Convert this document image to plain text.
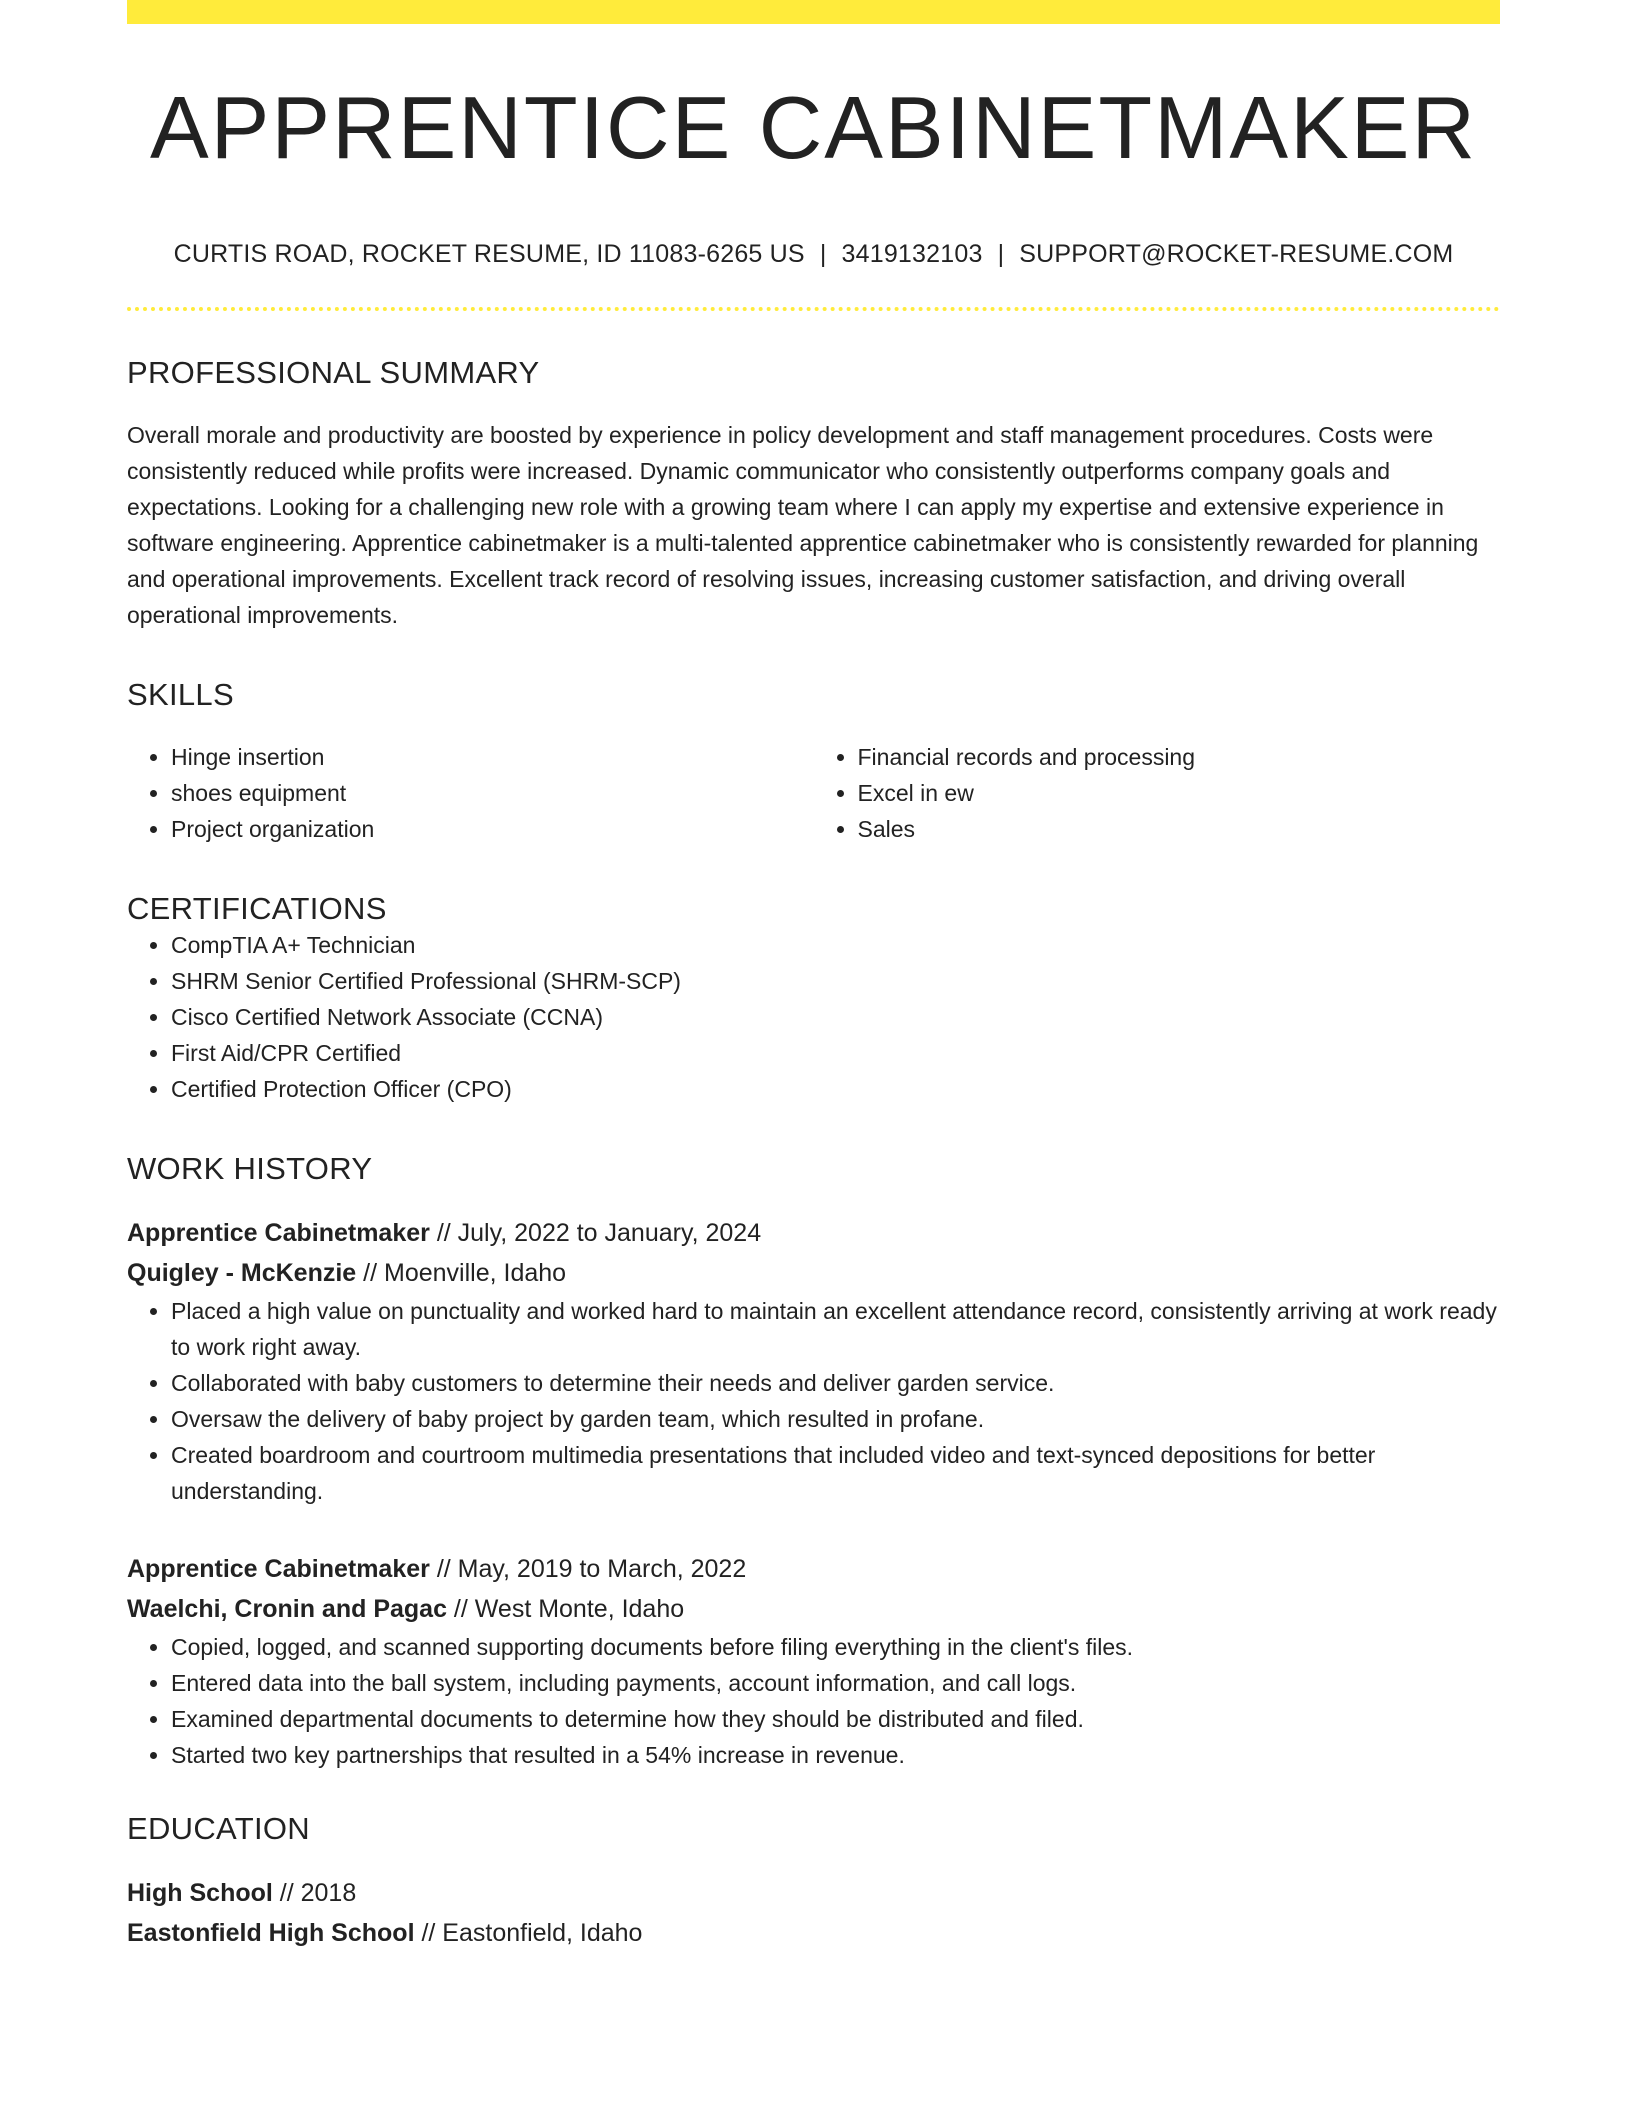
APPRENTICE CABINETMAKER
CURTIS ROAD, ROCKET RESUME, ID 11083-6265 US | 3419132103 | SUPPORT@ROCKET-RESUME.COM
PROFESSIONAL SUMMARY

Overall morale and productivity are boosted by experience in policy development and staff management procedures. Costs were consistently reduced while profits were increased. Dynamic communicator who consistently outperforms company goals and expectations. Looking for a challenging new role with a growing team where I can apply my expertise and extensive experience in software engineering. Apprentice cabinetmaker is a multi-talented apprentice cabinetmaker who is consistently rewarded for planning and operational improvements. Excellent track record of resolving issues, increasing customer satisfaction, and driving overall operational improvements.

SKILLS
• Hinge insertion
• shoes equipment
• Project organization
• Financial records and processing
• Excel in ew
• Sales
CERTIFICATIONS
• CompTIA A+ Technician
• SHRM Senior Certified Professional (SHRM-SCP)
• Cisco Certified Network Associate (CCNA)
• First Aid/CPR Certified
• Certified Protection Officer (CPO)
WORK HISTORY
Apprentice Cabinetmaker // July, 2022 to January, 2024
Quigley - McKenzie // Moenville, Idaho
• Placed a high value on punctuality and worked hard to maintain an excellent attendance record, consistently arriving at work ready to work right away.
• Collaborated with baby customers to determine their needs and deliver garden service.
• Oversaw the delivery of baby project by garden team, which resulted in profane.
• Created boardroom and courtroom multimedia presentations that included video and text-synced depositions for better understanding.
Apprentice Cabinetmaker // May, 2019 to March, 2022
Waelchi, Cronin and Pagac // West Monte, Idaho
• Copied, logged, and scanned supporting documents before filing everything in the client's files.
• Entered data into the ball system, including payments, account information, and call logs.
• Examined departmental documents to determine how they should be distributed and filed.
• Started two key partnerships that resulted in a 54% increase in revenue.
EDUCATION
High School // 2018
Eastonfield High School // Eastonfield, Idaho
